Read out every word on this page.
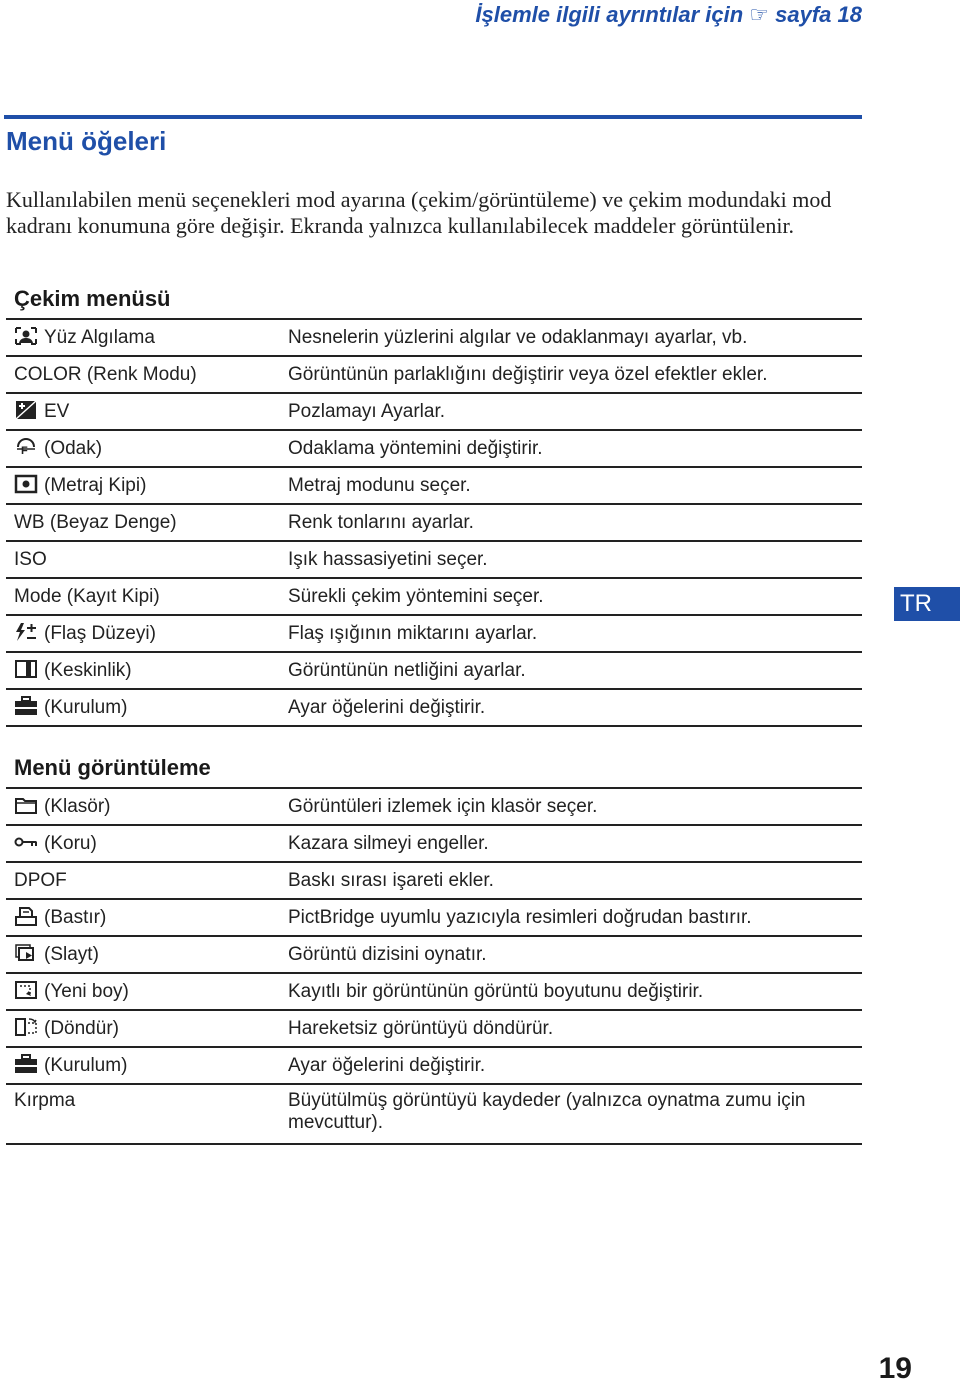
İşlemle ilgili ayrıntılar için ☞ sayfa 18
Menü öğeleri
Kullanılabilen menü seçenekleri mod ayarına (çekim/görüntüleme) ve çekim modundaki mod kadranı konumuna göre değişir. Ekranda yalnızca kullanılabilecek maddeler görüntülenir.
Çekim menüsü
Yüz Algılama	Nesnelerin yüzlerini algılar ve odaklanmayı ayarlar, vb.
COLOR (Renk Modu)	Görüntünün parlaklığını değiştirir veya özel efektler ekler.

EV	Pozlamayı Ayarlar.

F (Odak)	Odaklama yöntemini değiştirir.

(Metraj Kipi)	Metraj modunu seçer.
WB (Beyaz Denge)	Renk tonlarını ayarlar.
ISO	Işık hassasiyetini seçer.
Mode (Kayıt Kipi)	Sürekli çekim yöntemini seçer.

(Flaş Düzeyi)	Flaş ışığının miktarını ayarlar.

(Keskinlik)	Görüntünün netliğini ayarlar.

(Kurulum)	Ayar öğelerini değiştirir.
Menü görüntüleme
(Klasör)	Görüntüleri izlemek için klasör seçer.

(Koru)	Kazara silmeyi engeller.
DPOF	Baskı sırası işareti ekler.

(Bastır)	PictBridge uyumlu yazıcıyla resimleri doğrudan bastırır.

(Slayt)	Görüntü dizisini oynatır.

(Yeni boy)	Kayıtlı bir görüntünün görüntü boyutunu değiştirir.

(Döndür)	Hareketsiz görüntüyü döndürür.

(Kurulum)	Ayar öğelerini değiştirir.
Kırpma	Büyütülmüş görüntüyü kaydeder (yalnızca oynatma zumu için mevcuttur).
TR
19
